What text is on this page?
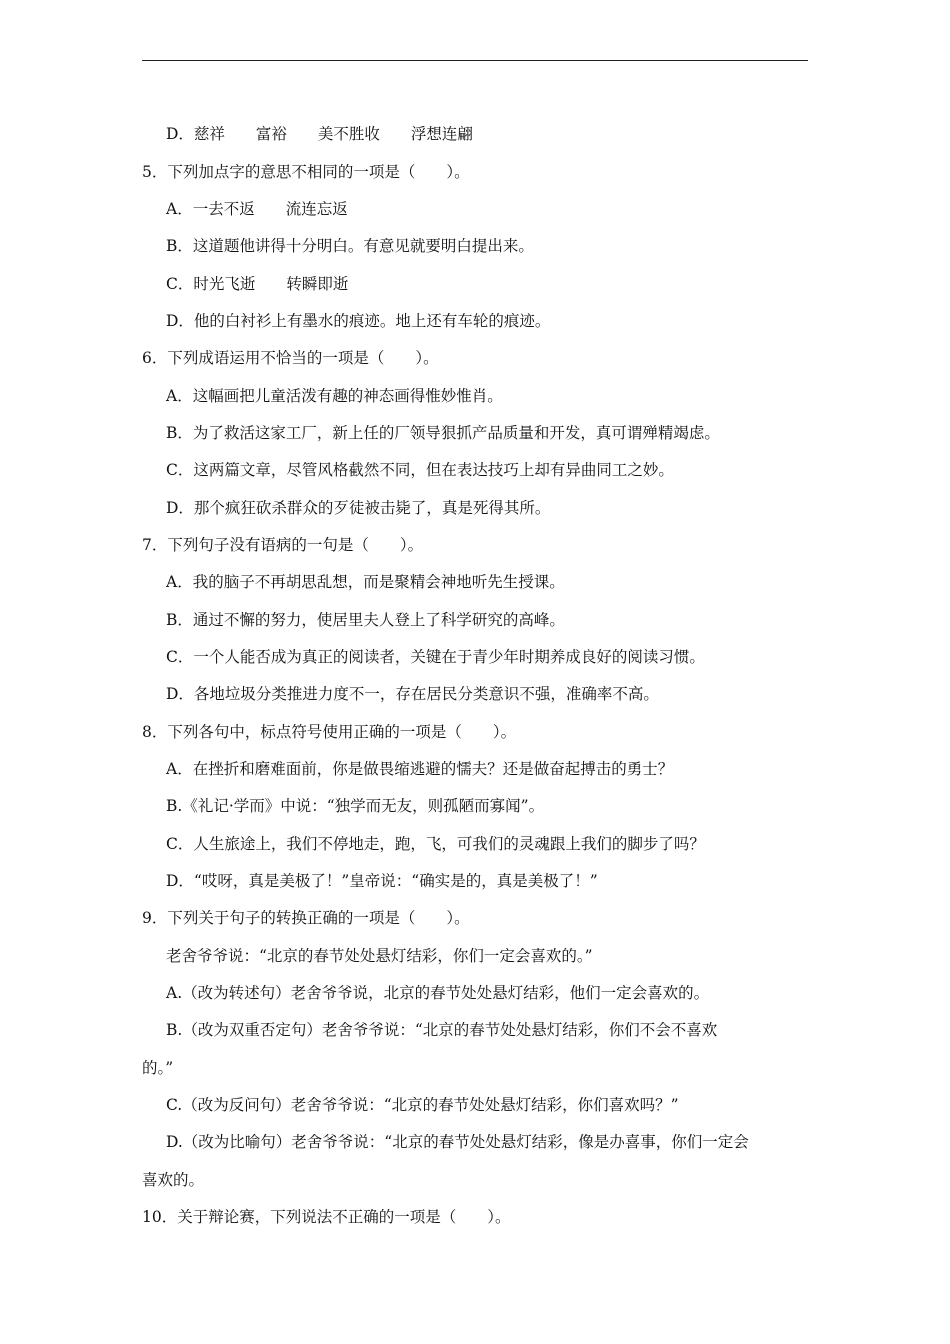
D．慈祥　　富裕　　美不胜收　　浮想连翩
5．下列加点字的意思不相同的一项是（　　）。
A．一去不返　　流连忘返
B．这道题他讲得十分明白。有意见就要明白提出来。
C．时光飞逝　　转瞬即逝
D．他的白衬衫上有墨水的痕迹。地上还有车轮的痕迹。
6．下列成语运用不恰当的一项是（　　）。
A．这幅画把儿童活泼有趣的神态画得惟妙惟肖。
B．为了救活这家工厂，新上任的厂领导狠抓产品质量和开发，真可谓殚精竭虑。
C．这两篇文章，尽管风格截然不同，但在表达技巧上却有异曲同工之妙。
D．那个疯狂砍杀群众的歹徒被击毙了，真是死得其所。
7．下列句子没有语病的一句是（　　）。
A．我的脑子不再胡思乱想，而是聚精会神地听先生授课。
B．通过不懈的努力，使居里夫人登上了科学研究的高峰。
C．一个人能否成为真正的阅读者，关键在于青少年时期养成良好的阅读习惯。
D．各地垃圾分类推进力度不一，存在居民分类意识不强，准确率不高。
8．下列各句中，标点符号使用正确的一项是（　　）。
A．在挫折和磨难面前，你是做畏缩逃避的懦夫？还是做奋起搏击的勇士？
B.《礼记·学而》中说：“独学而无友，则孤陋而寡闻”。
C．人生旅途上，我们不停地走，跑，飞，可我们的灵魂跟上我们的脚步了吗？
D．“哎呀，真是美极了！”皇帝说：“确实是的，真是美极了！”
9．下列关于句子的转换正确的一项是（　　）。
老舍爷爷说：“北京的春节处处悬灯结彩，你们一定会喜欢的。”
A.（改为转述句）老舍爷爷说，北京的春节处处悬灯结彩，他们一定会喜欢的。
B.（改为双重否定句）老舍爷爷说：“北京的春节处处悬灯结彩，你们不会不喜欢
的。”
C.（改为反问句）老舍爷爷说：“北京的春节处处悬灯结彩，你们喜欢吗？”
D.（改为比喻句）老舍爷爷说：“北京的春节处处悬灯结彩，像是办喜事，你们一定会
喜欢的。
10．关于辩论赛，下列说法不正确的一项是（　　）。
